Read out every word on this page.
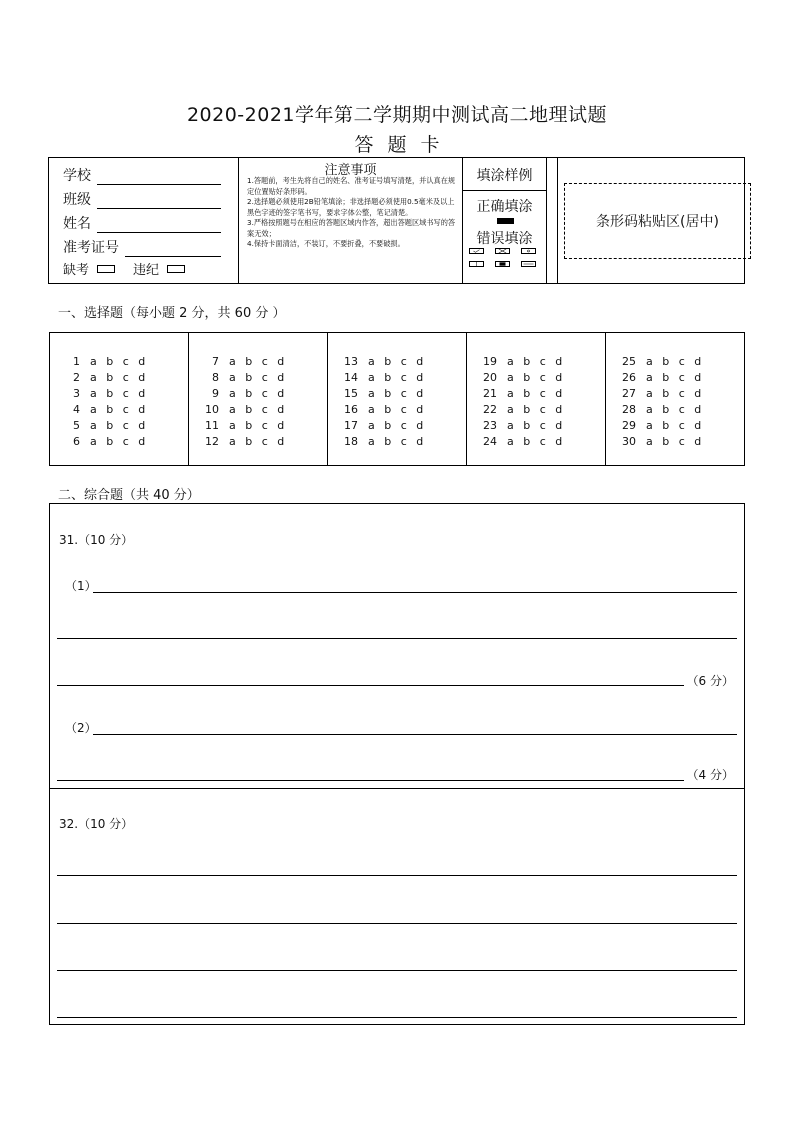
2020-2021学年第二学期期中测试高二地理试题
答题卡
学校
班级
姓名
准考证号
缺考	违纪
注意事项
1.答题前，考生先将自己的姓名、准考证号填写清楚，并认真在规定位置贴好条形码。
2.选择题必须使用2B铅笔填涂；非选择题必须使用0.5毫米及以上黑色字迹的签字笔书写，要求字体公整，笔记清楚。
3.严格按照题号在相应的答题区域内作答，超出答题区域书写的答案无效；
4.保持卡面清洁，不装订，不要折叠，不要破损。
填涂样例
正确填涂
错误填涂
条形码粘贴区(居中)
一、选择题（每小题 2 分，共 60 分 ）
1 a b c d
2 a b c d
3 a b c d
4 a b c d
5 a b c d
6 a b c d
7 a b c d
8 a b c d
9 a b c d
10 a b c d
11 a b c d
12 a b c d
13 a b c d
14 a b c d
15 a b c d
16 a b c d
17 a b c d
18 a b c d
19 a b c d
20 a b c d
21 a b c d
22 a b c d
23 a b c d
24 a b c d
25 a b c d
26 a b c d
27 a b c d
28 a b c d
29 a b c d
30 a b c d
二、综合题（共 40 分）
31.（10 分）
（1）
（6 分）
（2）
（4 分）
32.（10 分）
